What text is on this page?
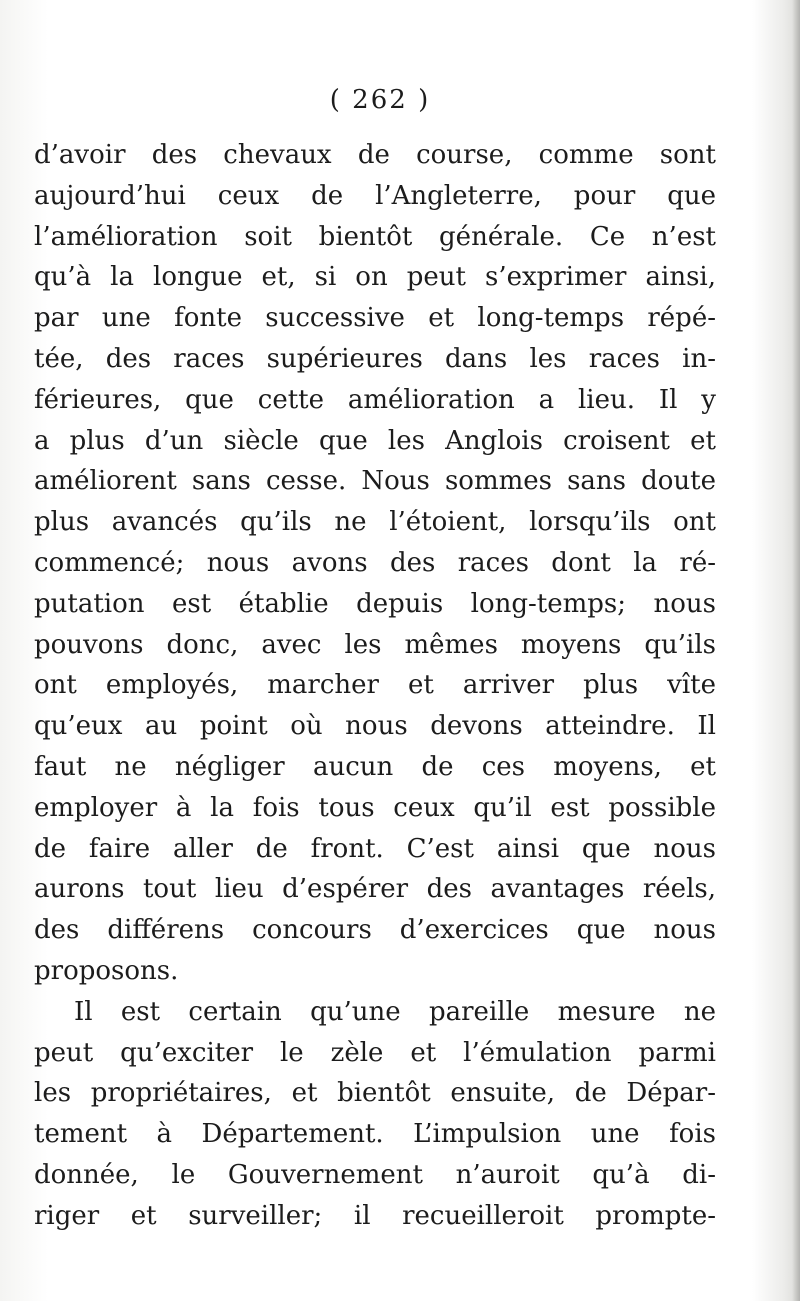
( 262 )
d’avoir des chevaux de course, comme sont
aujourd’hui ceux de l’Angleterre, pour que
l’amélioration soit bientôt générale. Ce n’est
qu’à la longue et, si on peut s’exprimer ainsi,
par une fonte successive et long-temps répé-
tée, des races supérieures dans les races in-
férieures, que cette amélioration a lieu. Il y
a plus d’un siècle que les Anglois croisent et
améliorent sans cesse. Nous sommes sans doute
plus avancés qu’ils ne l’étoient, lorsqu’ils ont
commencé; nous avons des races dont la ré-
putation est établie depuis long-temps; nous
pouvons donc, avec les mêmes moyens qu’ils
ont employés, marcher et arriver plus vîte
qu’eux au point où nous devons atteindre. Il
faut ne négliger aucun de ces moyens, et
employer à la fois tous ceux qu’il est possible
de faire aller de front. C’est ainsi que nous
aurons tout lieu d’espérer des avantages réels,
des différens concours d’exercices que nous
proposons.
Il est certain qu’une pareille mesure ne
peut qu’exciter le zèle et l’émulation parmi
les propriétaires, et bientôt ensuite, de Dépar-
tement à Département. L’impulsion une fois
donnée, le Gouvernement n’auroit qu’à di-
riger et surveiller; il recueilleroit prompte-
